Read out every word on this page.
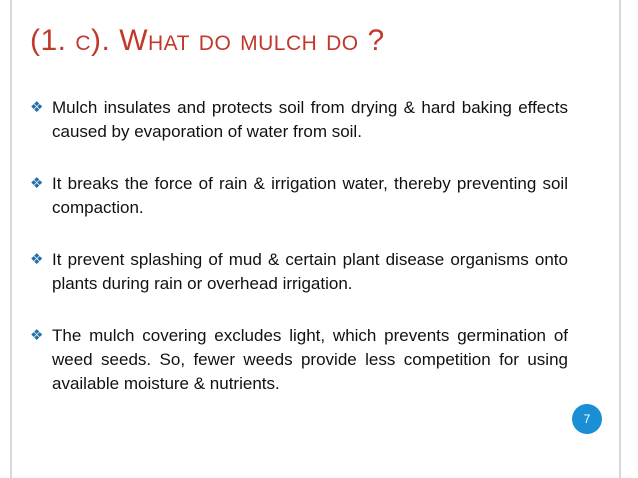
(1. c). What do mulch do ?
❖ Mulch insulates and protects soil from drying & hard baking effects caused by evaporation of water from soil.
❖ It breaks the force of rain & irrigation water, thereby preventing soil compaction.
❖ It prevent splashing of mud & certain plant disease organisms onto plants during rain or overhead irrigation.
❖ The mulch covering excludes light, which prevents germination of weed seeds. So, fewer weeds provide less competition for using available moisture & nutrients.
7
